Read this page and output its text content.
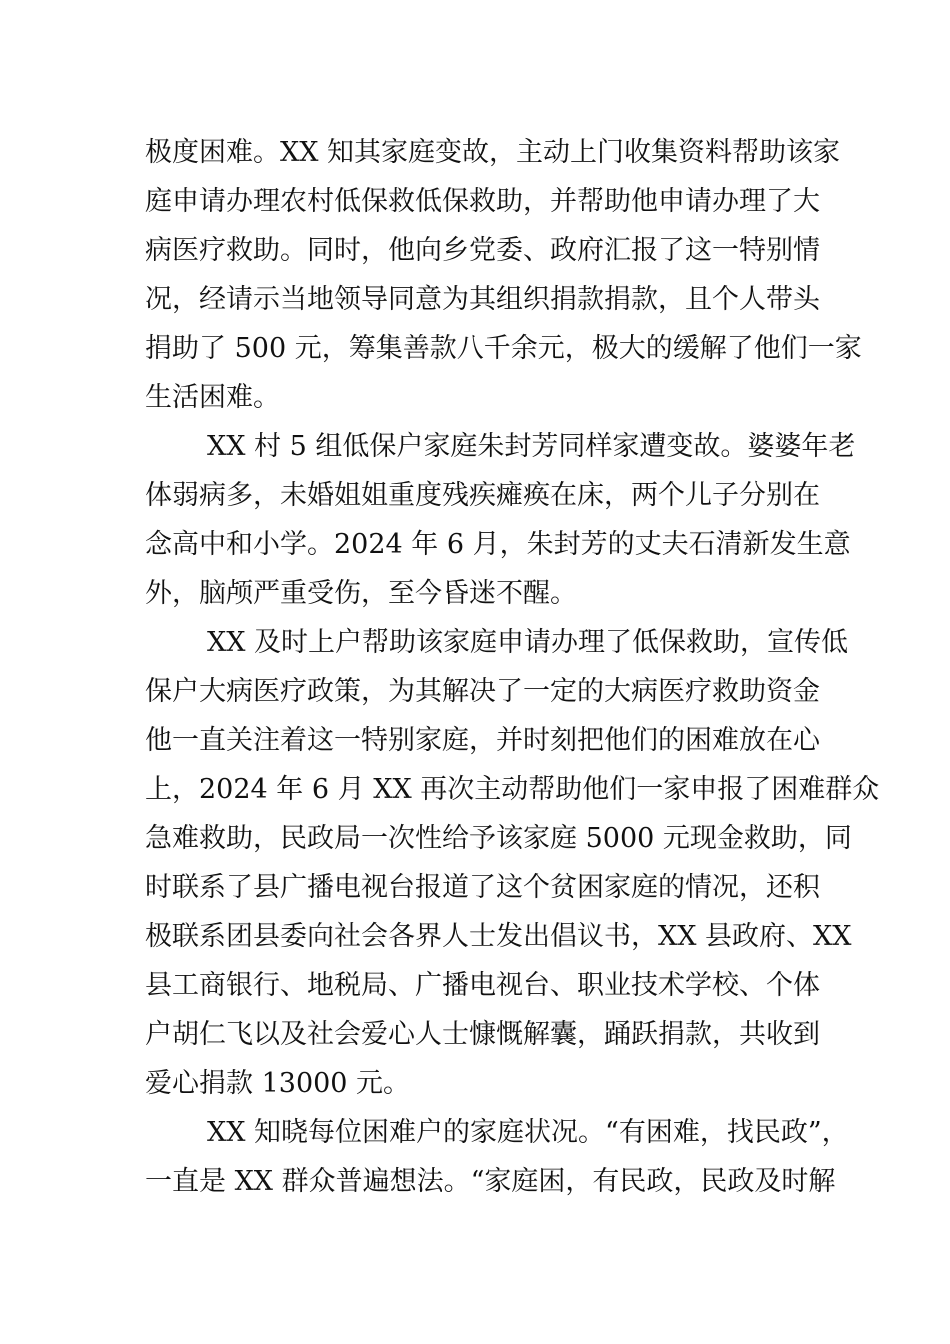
极度困难。XX 知其家庭变故，主动上门收集资料帮助该家
庭申请办理农村低保救低保救助，并帮助他申请办理了大
病医疗救助。同时，他向乡党委、政府汇报了这一特别情
况，经请示当地领导同意为其组织捐款捐款，且个人带头
捐助了 500 元，筹集善款八千余元，极大的缓解了他们一家
生活困难。
XX 村 5 组低保户家庭朱封芳同样家遭变故。婆婆年老
体弱病多，未婚姐姐重度残疾瘫痪在床，两个儿子分别在
念高中和小学。2024 年 6 月，朱封芳的丈夫石清新发生意
外，脑颅严重受伤，至今昏迷不醒。
XX 及时上户帮助该家庭申请办理了低保救助，宣传低
保户大病医疗政策，为其解决了一定的大病医疗救助资金
他一直关注着这一特别家庭，并时刻把他们的困难放在心
上，2024 年 6 月 XX 再次主动帮助他们一家申报了困难群众
急难救助，民政局一次性给予该家庭 5000 元现金救助，同
时联系了县广播电视台报道了这个贫困家庭的情况，还积
极联系团县委向社会各界人士发出倡议书，XX 县政府、XX
县工商银行、地税局、广播电视台、职业技术学校、个体
户胡仁飞以及社会爱心人士慷慨解囊，踊跃捐款，共收到
爱心捐款 13000 元。
XX 知晓每位困难户的家庭状况。“有困难，找民政”，
一直是 XX 群众普遍想法。“家庭困，有民政，民政及时解
